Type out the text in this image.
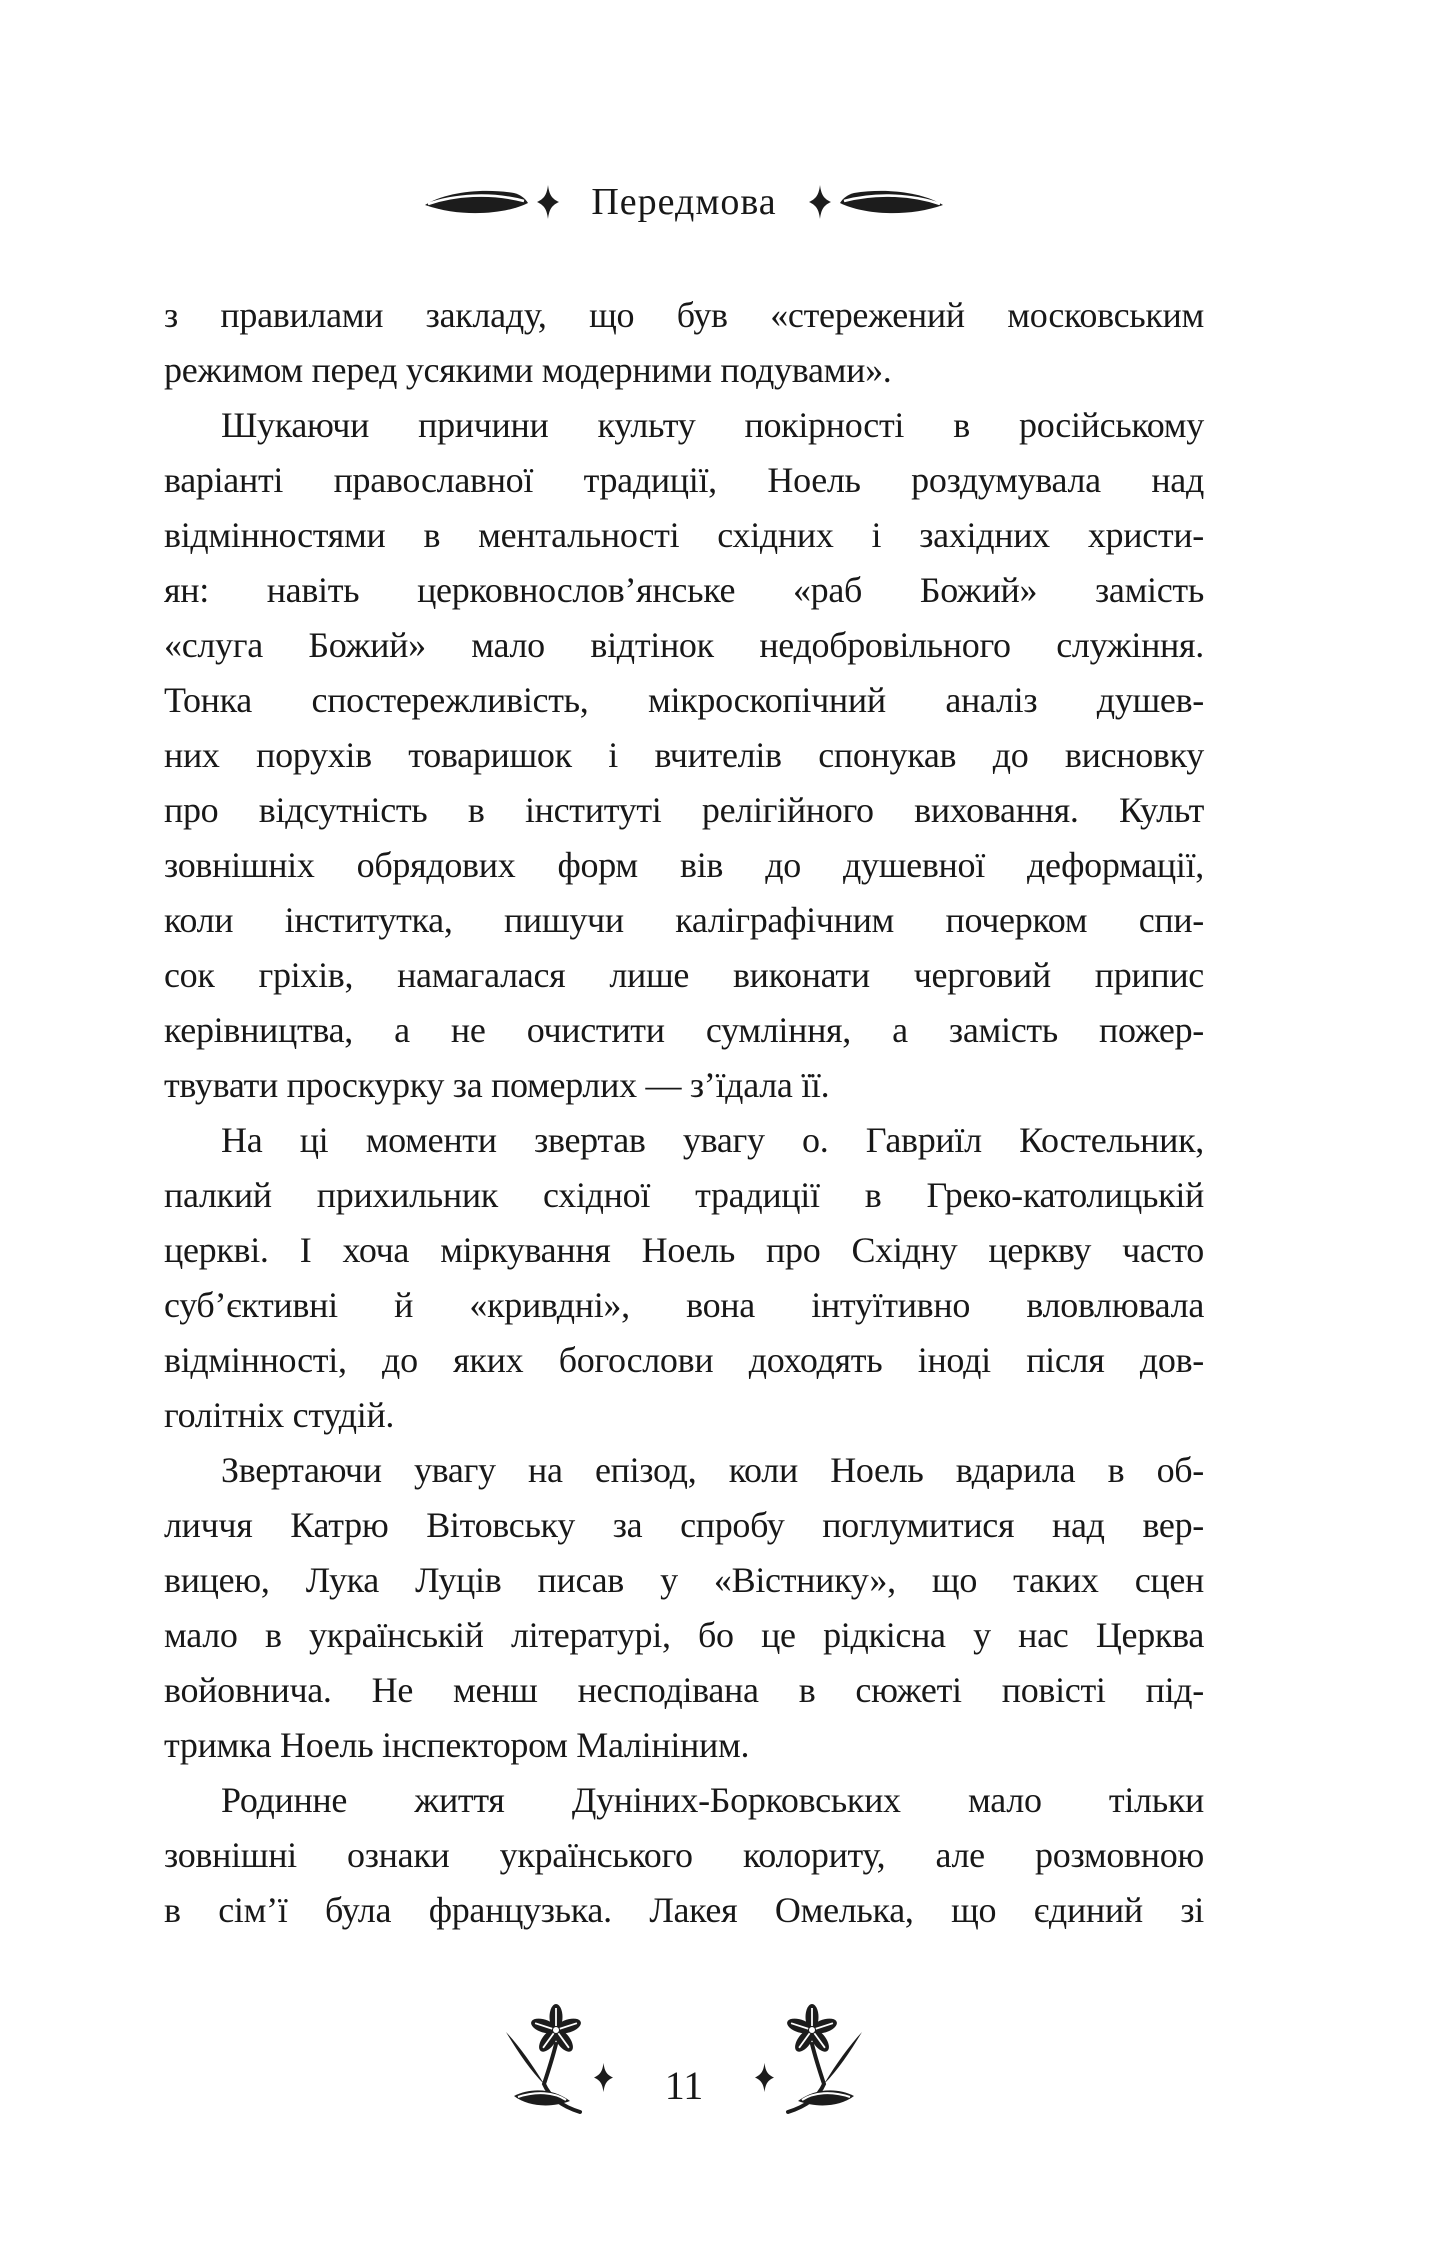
Передмова
з правилами закладу, що був «стережений московським
режимом перед усякими модерними подувами».
Шукаючи причини культу покірності в російському
варіанті православної традиції, Ноель роздумувала над
відмінностями в ментальності східних і західних христи-
ян: навіть церковнослов’янське «раб Божий» замість
«слуга Божий» мало відтінок недобровільного служіння.
Тонка спостережливість, мікроскопічний аналіз душев-
них порухів товаришок і вчителів спонукав до висновку
про відсутність в інституті релігійного виховання. Культ
зовнішніх обрядових форм вів до душевної деформації,
коли інститутка, пишучи каліграфічним почерком спи-
сок гріхів, намагалася лише виконати черговий припис
керівництва, а не очистити сумління, а замість пожер-
твувати проскурку за померлих — з’їдала її.
На ці моменти звертав увагу о. Гавриїл Костельник,
палкий прихильник східної традиції в Греко-католицькій
церкві. І хоча міркування Ноель про Східну церкву часто
суб’єктивні й «кривдні», вона інтуїтивно вловлювала
відмінності, до яких богослови доходять іноді після дов-
голітніх студій.
Звертаючи увагу на епізод, коли Ноель вдарила в об-
личчя Катрю Вітовську за спробу поглумитися над вер-
вицею, Лука Луців писав у «Вістнику», що таких сцен
мало в українській літературі, бо це рідкісна у нас Церква
войовнича. Не менш несподівана в сюжеті повісті під-
тримка Ноель інспектором Малініним.
Родинне життя Дуніних-Борковських мало тільки
зовнішні ознаки українського колориту, але розмовною
в сім’ї була французька. Лакея Омелька, що єдиний зі
11
